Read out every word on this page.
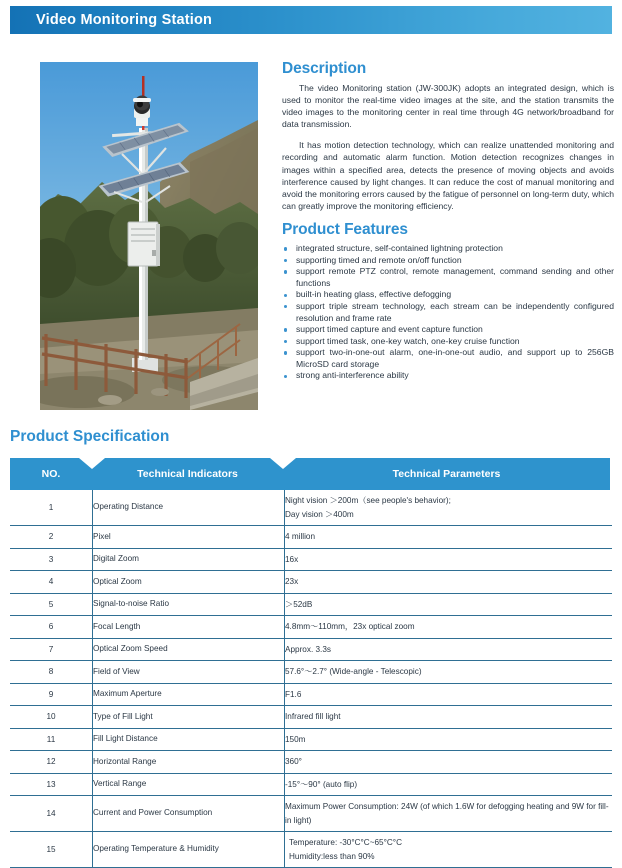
Video Monitoring Station
Description

The video Monitoring station (JW-300JK) adopts an integrated design, which is used to monitor the real-time video images at the site, and the station transmits the video images to the monitoring center in real time through 4G network/broadband for data transmission.

It has motion detection technology, which can realize unattended monitoring and recording and automatic alarm function. Motion detection recognizes changes in images within a specified area, detects the presence of moving objects and avoids interference caused by light changes. It can reduce the cost of manual monitoring and avoid the monitoring errors caused by the fatigue of personnel on long-term duty, which can greatly improve the monitoring efficiency.

Product Features
integrated structure, self-contained lightning protection
supporting timed and remote on/off function
support remote PTZ control, remote management, command sending and other functions
built-in heating glass, effective defogging
support triple stream technology, each stream can be independently configured resolution and frame rate
support timed capture and event capture function
support timed task, one-key watch, one-key cruise function
support two-in-one-out alarm, one-in-one-out audio, and support up to 256GB MicroSD card storage
strong anti-interference ability
Product Specification
NO.	Technical Indicators	Technical Parameters
1	Operating Distance	Night vision ＞200m（see people's behavior);
Day vision ＞400m

2	Pixel	4 million
3	Digital Zoom	16x
4	Optical Zoom	23x
5	Signal-to-noise Ratio	＞52dB
6	Focal Length	4.8mm〜110mm，23x optical zoom
7	Optical Zoom Speed	Approx. 3.3s
8	Field of View	57.6°〜2.7° (Wide-angle - Telescopic)
9	Maximum Aperture	F1.6
10	Type of Fill Light	Infrared fill light
11	Fill Light Distance	150m
12	Horizontal Range	360°
13	Vertical Range	-15°〜90° (auto flip)
14	Current and Power Consumption	Maximum Power Consumption: 24W (of which 1.6W for defogging heating and 9W for fill-in light)
15	Operating Temperature & Humidity	Temperature: -30°C°C~65°C°C
Humidity:less than 90%
